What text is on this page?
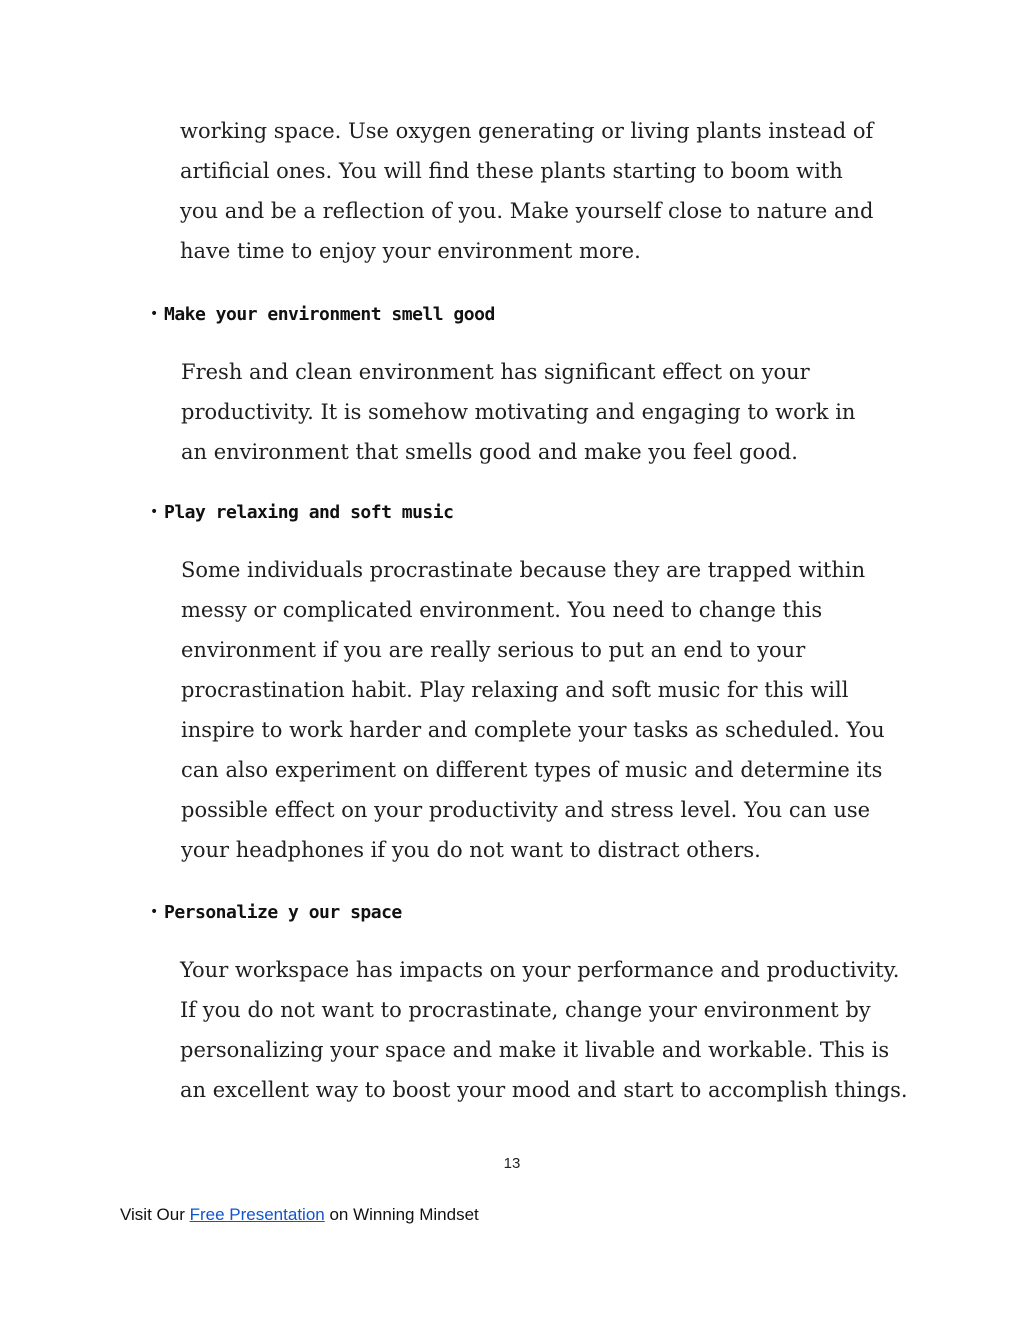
working space. Use oxygen generating or living plants instead of artificial ones. You will find these plants starting to boom with you and be a reflection of you. Make yourself close to nature and have time to enjoy your environment more.

• Make your environment smell good

Fresh and clean environment has significant effect on your productivity. It is somehow motivating and engaging to work in an environment that smells good and make you feel good.

• Play relaxing and soft music

Some individuals procrastinate because they are trapped within messy or complicated environment. You need to change this environment if you are really serious to put an end to your procrastination habit. Play relaxing and soft music for this will inspire to work harder and complete your tasks as scheduled. You can also experiment on different types of music and determine its possible effect on your productivity and stress level. You can use your headphones if you do not want to distract others.

• Personalize y our space

Your workspace has impacts on your performance and productivity. If you do not want to procrastinate, change your environment by personalizing your space and make it livable and workable. This is an excellent way to boost your mood and start to accomplish things.

13
Visit Our Free Presentation on Winning Mindset
